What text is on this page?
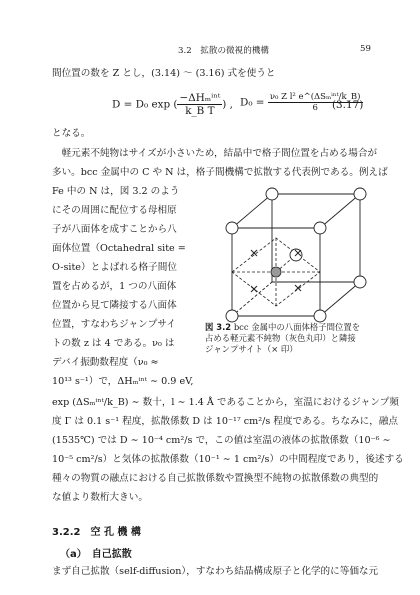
3.2　拡散の微視的機構	59
間位置の数を Z とし，(3.14) ～ (3.16) 式を使うと
D = D₀ exp ( $\frac{\text{−ΔHₘⁱⁿᵗ}}{\text{k\_B T}}$ ) , $D_0 = \frac{\text{ν₀ Z l² e\textasciicircum{}(ΔSₘⁱⁿᵗ/k\_B)}}{6}$
(3.17)
となる。
　軽元素不純物はサイズが小さいため，結晶中で格子間位置を占める場合が
多い。bcc 金属中の C や N は，格子間機構で拡散する代表例である。例えば
Fe 中の N は，図 3.2 のよう
にその周囲に配位する母相原
子が八面体を成すことから八
面体位置（Octahedral site =
O-site）とよばれる格子間位
置を占めるが，1 つの八面体
位置から見て隣接する八面体
位置，すなわちジャンプサイ
トの数 z は 4 である。ν₀ は
デバイ振動数程度（ν₀ ≈
10¹³ s⁻¹）で，ΔHₘⁱⁿᵗ ∼ 0.9 eV,
図 3.2 bcc 金属中の八面体格子間位置を
占める軽元素不純物（灰色丸印）と隣接
ジャンプサイト（× 印）
exp (ΔSₘⁱⁿᵗ/k_B) ∼ 数十，l ∼ 1.4 Å であることから，室温におけるジャンプ頻
度 Γ は 0.1 s⁻¹ 程度，拡散係数 D は 10⁻¹⁷ cm²/s 程度である。ちなみに，融点
(1535℃) では D ∼ 10⁻⁴ cm²/s で，この値は室温の液体の拡散係数（10⁻⁶ ∼
10⁻⁵ cm²/s）と気体の拡散係数（10⁻¹ ∼ 1 cm²/s）の中間程度であり，後述する
種々の物質の融点における自己拡散係数や置換型不純物の拡散係数の典型的
な値より数桁大きい。
3.2.2　空 孔 機 構
（a）　自己拡散
まず自己拡散（self-diffusion），すなわち結晶構成原子と化学的に等価な元
